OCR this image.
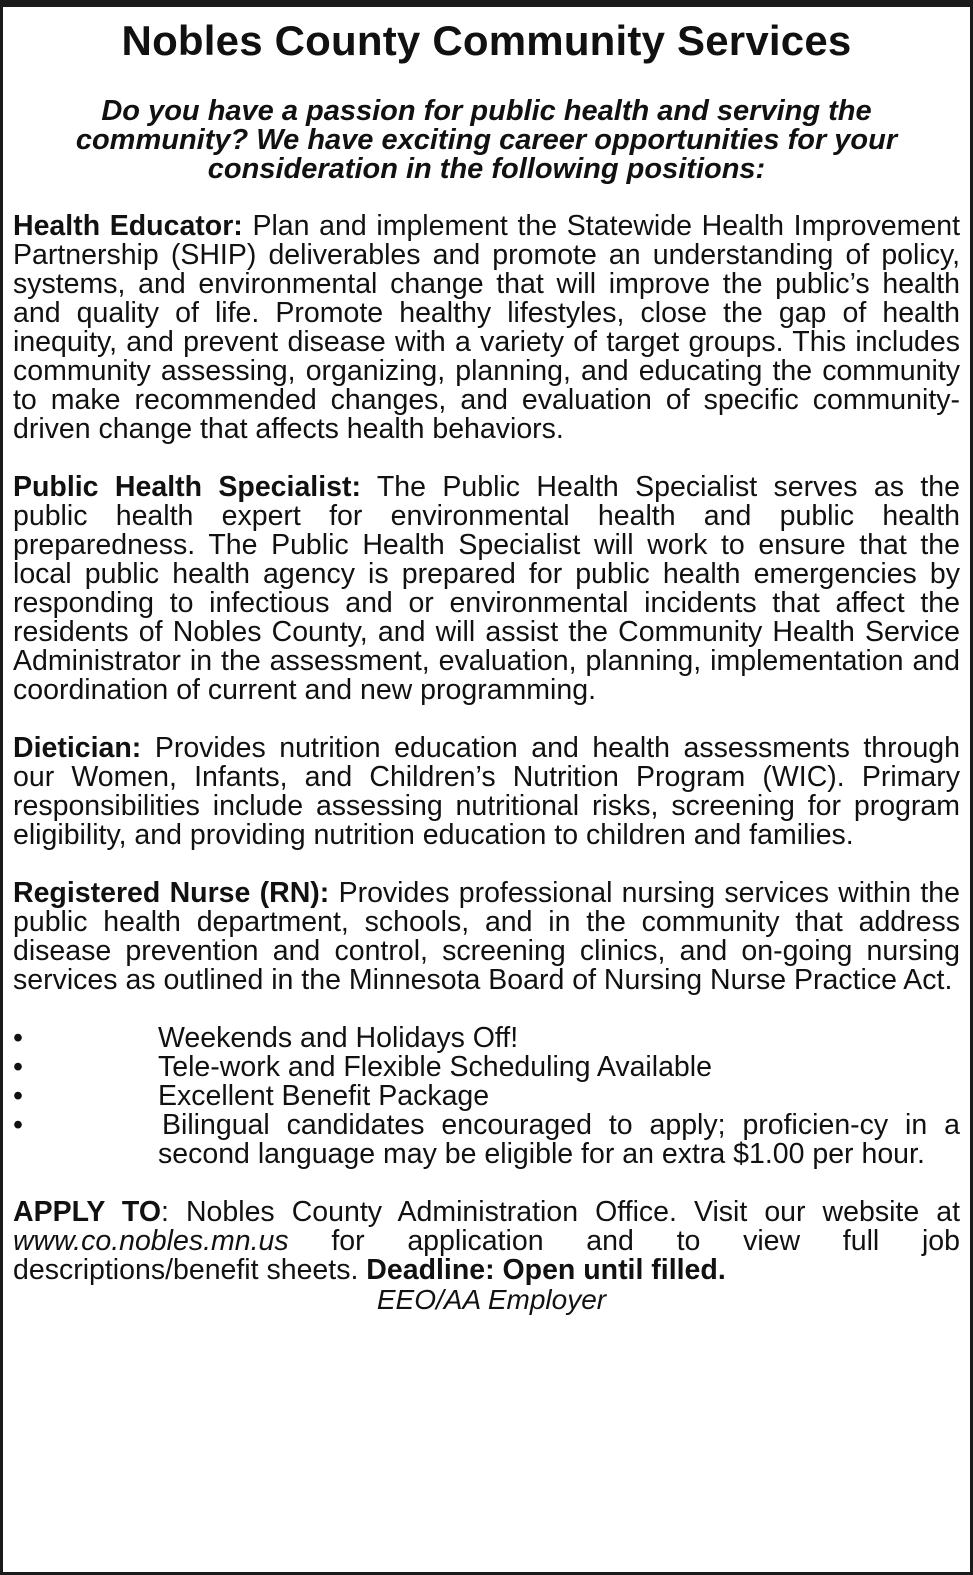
Nobles County Community Services
Do you have a passion for public health and serving the community? We have exciting career opportunities for your consideration in the following positions:

Health Educator: Plan and implement the Statewide Health Improvement Partnership (SHIP) deliverables and promote an understanding of policy, systems, and environmental change that will improve the public’s health and quality of life. Promote healthy lifestyles, close the gap of health inequity, and prevent disease with a variety of target groups. This includes community assessing, organizing, planning, and educating the community to make recommended changes, and evaluation of specific community-driven change that affects health behaviors.

Public Health Specialist: The Public Health Specialist serves as the public health expert for environmental health and public health preparedness. The Public Health Specialist will work to ensure that the local public health agency is prepared for public health emergencies by responding to infectious and or environmental incidents that affect the residents of Nobles County, and will assist the Community Health Service Administrator in the assessment, evaluation, planning, implementation and coordination of current and new programming.

Dietician: Provides nutrition education and health assessments through our Women, Infants, and Children’s Nutrition Program (WIC). Primary responsibilities include assessing nutritional risks, screening for program eligibility, and providing nutrition education to children and families.

Registered Nurse (RN): Provides professional nursing services within the public health department, schools, and in the community that address disease prevention and control, screening clinics, and on-going nursing services as outlined in the Minnesota Board of Nursing Nurse Practice Act.

•	Weekends and Holidays Off!
•	Tele-work and Flexible Scheduling Available
•	Excellent Benefit Package
•	Bilingual candidates encouraged to apply; proficien-cy in a second language may be eligible for an extra $1.00 per hour.

APPLY TO: Nobles County Administration Office. Visit our website at www.co.nobles.mn.us for application and to view full job descriptions/benefit sheets. Deadline: Open until filled.

EEO/AA Employer
